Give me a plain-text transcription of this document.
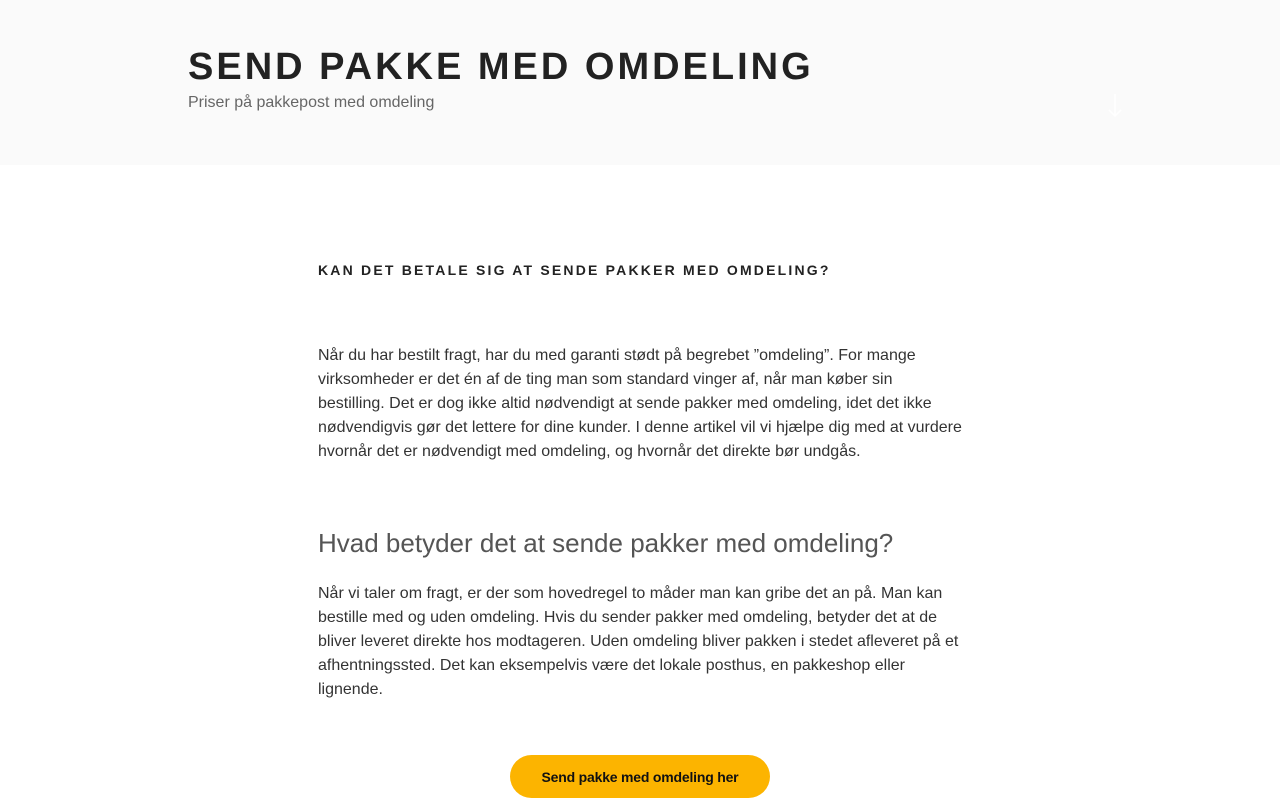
SEND PAKKE MED OMDELING

Priser på pakkepost med omdeling

KAN DET BETALE SIG AT SENDE PAKKER MED OMDELING?

Når du har bestilt fragt, har du med garanti stødt på begrebet ”omdeling”. For mange virksomheder er det én af de ting man som standard vinger af, når man køber sin bestilling. Det er dog ikke altid nødvendigt at sende pakker med omdeling, idet det ikke nødvendigvis gør det lettere for dine kunder. I denne artikel vil vi hjælpe dig med at vurdere hvornår det er nødvendigt med omdeling, og hvornår det direkte bør undgås.

Hvad betyder det at sende pakker med omdeling?

Når vi taler om fragt, er der som hovedregel to måder man kan gribe det an på. Man kan bestille med og uden omdeling. Hvis du sender pakker med omdeling, betyder det at de bliver leveret direkte hos modtageren. Uden omdeling bliver pakken i stedet afleveret på et afhentningssted. Det kan eksempelvis være det lokale posthus, en pakkeshop eller lignende.

Send pakke med omdeling her
